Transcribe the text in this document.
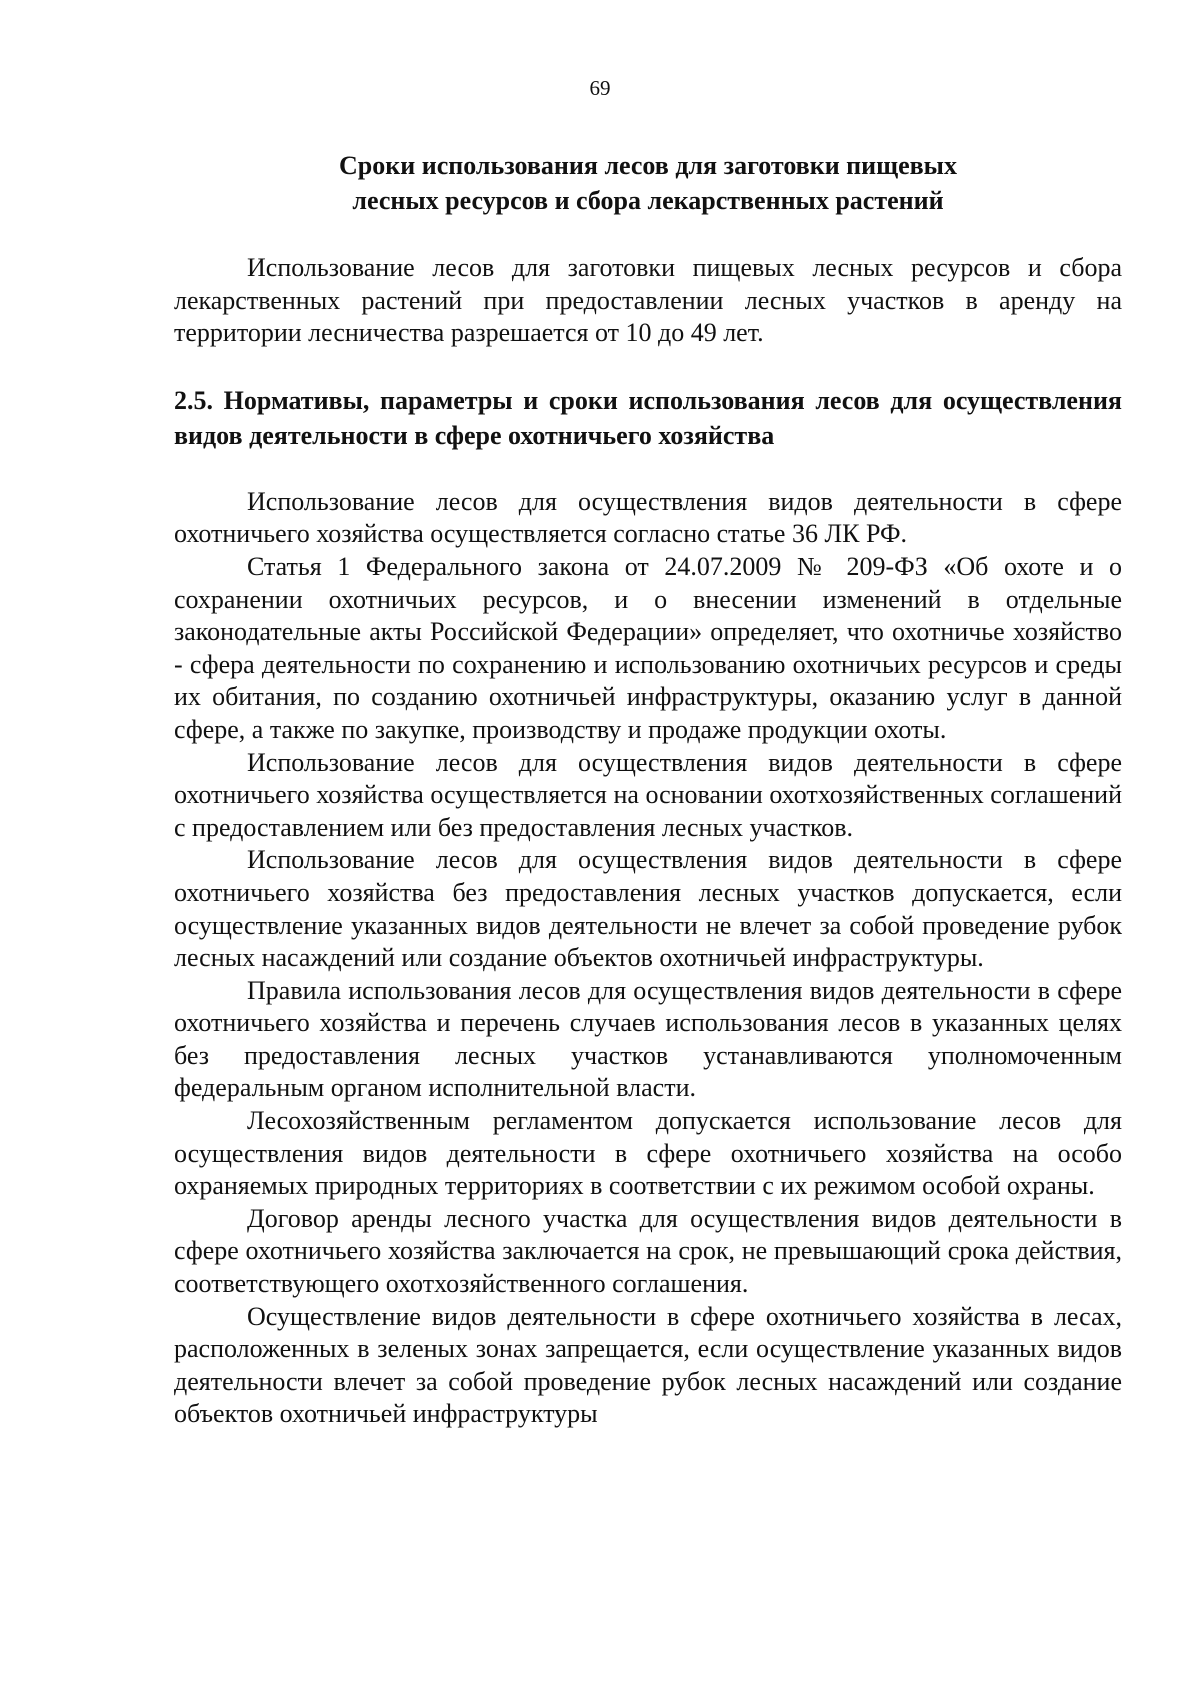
69
Сроки использования лесов для заготовки пищевых
лесных ресурсов и сбора лекарственных растений

Использование лесов для заготовки пищевых лесных ресурсов и сбора лекарственных растений при предоставлении лесных участков в аренду на территории лесничества разрешается от 10 до 49 лет.

2.5. Нормативы, параметры и сроки использования лесов для осуществления видов деятельности в сфере охотничьего хозяйства

Использование лесов для осуществления видов деятельности в сфере охотничьего хозяйства осуществляется согласно статье 36 ЛК РФ.

Статья 1 Федерального закона от 24.07.2009 № 209-ФЗ «Об охоте и о сохранении охотничьих ресурсов, и о внесении изменений в отдельные законодательные акты Российской Федерации» определяет, что охотничье хозяйство - сфера деятельности по сохранению и использованию охотничьих ресурсов и среды их обитания, по созданию охотничьей инфраструктуры, оказанию услуг в данной сфере, а также по закупке, производству и продаже продукции охоты.

Использование лесов для осуществления видов деятельности в сфере охотничьего хозяйства осуществляется на основании охотхозяйственных соглашений с предоставлением или без предоставления лесных участков.

Использование лесов для осуществления видов деятельности в сфере охотничьего хозяйства без предоставления лесных участков допускается, если осуществление указанных видов деятельности не влечет за собой проведение рубок лесных насаждений или создание объектов охотничьей инфраструктуры.

Правила использования лесов для осуществления видов деятельности в сфере охотничьего хозяйства и перечень случаев использования лесов в указанных целях без предоставления лесных участков устанавливаются уполномоченным федеральным органом исполнительной власти.

Лесохозяйственным регламентом допускается использование лесов для осуществления видов деятельности в сфере охотничьего хозяйства на особо охраняемых природных территориях в соответствии с их режимом особой охраны.

Договор аренды лесного участка для осуществления видов деятельности в сфере охотничьего хозяйства заключается на срок, не превышающий срока действия, соответствующего охотхозяйственного соглашения.

Осуществление видов деятельности в сфере охотничьего хозяйства в лесах, расположенных в зеленых зонах запрещается, если осуществление указанных видов деятельности влечет за собой проведение рубок лесных насаждений или создание объектов охотничьей инфраструктуры
